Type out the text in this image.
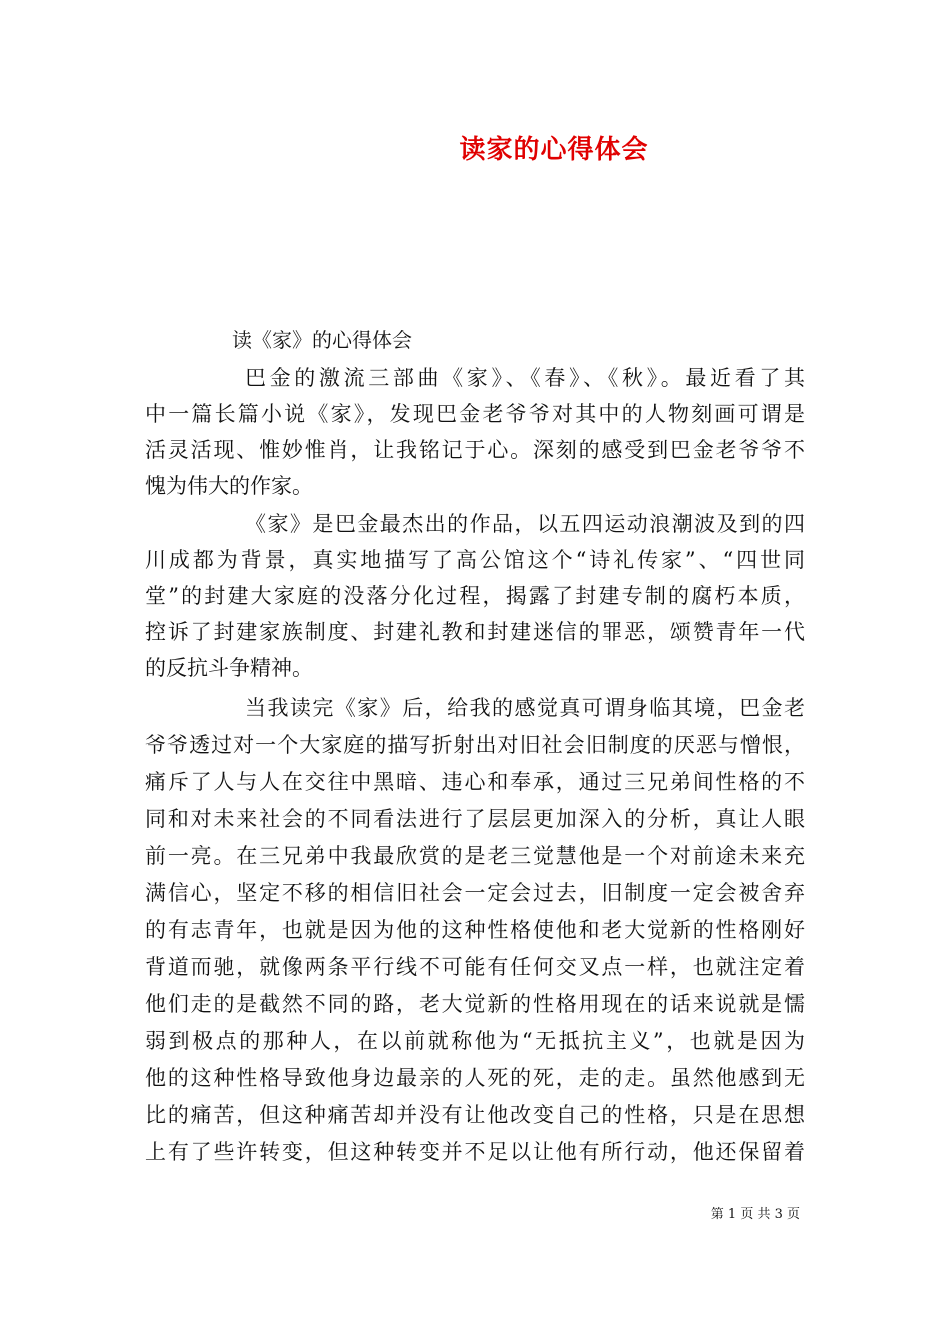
读家的心得体会
读《家》的心得体会
巴金的激流三部曲《家》、《春》、《秋》。最近看了其
中一篇长篇小说《家》，发现巴金老爷爷对其中的人物刻画可谓是
活灵活现、惟妙惟肖，让我铭记于心。深刻的感受到巴金老爷爷不
愧为伟大的作家。
《家》是巴金最杰出的作品，以五四运动浪潮波及到的四
川成都为背景，真实地描写了高公馆这个“诗礼传家”、“四世同
堂”的封建大家庭的没落分化过程，揭露了封建专制的腐朽本质，
控诉了封建家族制度、封建礼教和封建迷信的罪恶，颂赞青年一代
的反抗斗争精神。
当我读完《家》后，给我的感觉真可谓身临其境，巴金老
爷爷透过对一个大家庭的描写折射出对旧社会旧制度的厌恶与憎恨，
痛斥了人与人在交往中黑暗、违心和奉承，通过三兄弟间性格的不
同和对未来社会的不同看法进行了层层更加深入的分析，真让人眼
前一亮。在三兄弟中我最欣赏的是老三觉慧他是一个对前途未来充
满信心，坚定不移的相信旧社会一定会过去，旧制度一定会被舍弃
的有志青年，也就是因为他的这种性格使他和老大觉新的性格刚好
背道而驰，就像两条平行线不可能有任何交叉点一样，也就注定着
他们走的是截然不同的路，老大觉新的性格用现在的话来说就是懦
弱到极点的那种人，在以前就称他为“无抵抗主义”，也就是因为
他的这种性格导致他身边最亲的人死的死，走的走。虽然他感到无
比的痛苦，但这种痛苦却并没有让他改变自己的性格，只是在思想
上有了些许转变，但这种转变并不足以让他有所行动，他还保留着
第 1 页 共 3 页
